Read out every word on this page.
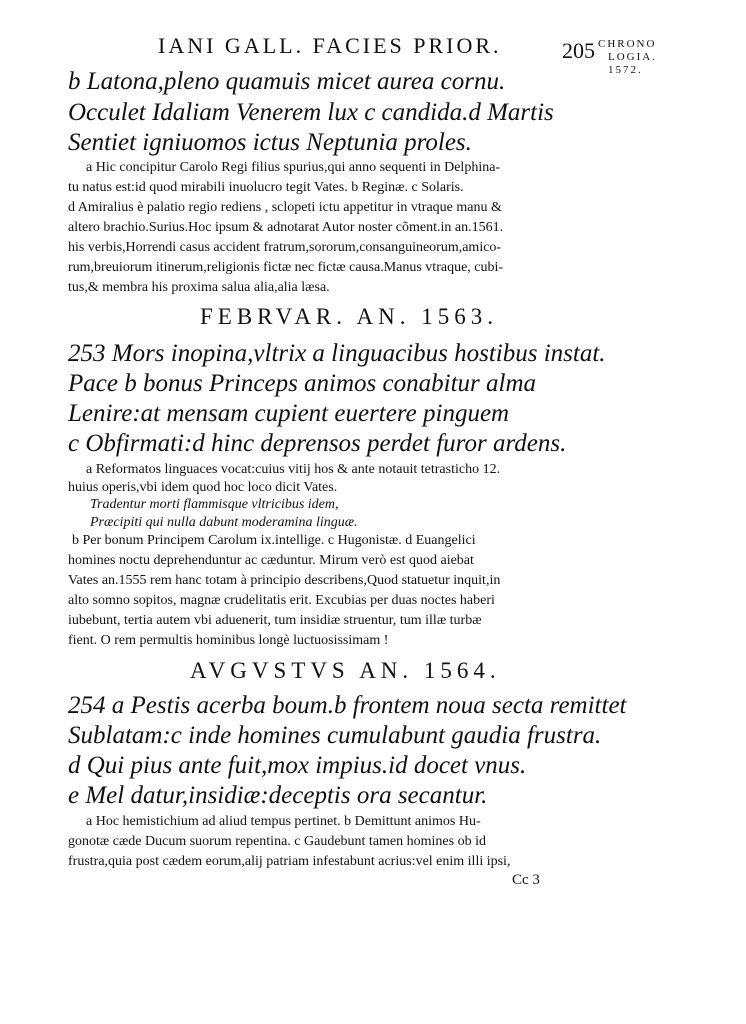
IANI GALL. FACIES PRIOR.	205 CHRONO
LOGIA.
1572.
b Latona,pleno quamuis micet aurea cornu.
Occulet Idaliam Venerem lux c candida.d Martis
Sentiet igniuomos ictus Neptunia proles.
a Hic concipitur Carolo Regi filius spurius,qui anno sequenti in Delphina-
tu natus est:id quod mirabili inuolucro tegit Vates. b Reginæ. c Solaris.
d Amiralius è palatio regio rediens , sclopeti ictu appetitur in vtraque manu &
altero brachio.Surius.Hoc ipsum & adnotarat Autor noster cõment.in an.1561.
his verbis,Horrendi casus accident fratrum,sororum,consanguineorum,amico-
rum,breuiorum itinerum,religionis fictæ nec fictæ causa.Manus vtraque, cubi-
tus,& membra his proxima salua alia,alia læsa.
FEBRVAR. AN. 1563.
253 Mors inopina,vltrix a linguacibus hostibus instat.
Pace b bonus Princeps animos conabitur alma
Lenire:at mensam cupient euertere pinguem
c Obfirmati:d hinc deprensos perdet furor ardens.
a Reformatos linguaces vocat:cuius vitij hos & ante notauit tetrasticho 12.
huius operis,vbi idem quod hoc loco dicit Vates.
Tradentur morti flammisque vltricibus idem,
Præcipiti qui nulla dabunt moderamina linguæ.
b Per bonum Principem Carolum ix.intellige. c Hugonistæ. d Euangelici
homines noctu deprehenduntur ac cæduntur. Mirum verò est quod aiebat
Vates an.1555 rem hanc totam à principio describens,Quod statuetur inquit,in
alto somno sopitos, magnæ crudelitatis erit. Excubias per duas noctes haberi
iubebunt, tertia autem vbi aduenerit, tum insidiæ struentur, tum illæ turbæ
fient. O rem permultis hominibus longè luctuosissimam !
AVGVSTVS AN. 1564.
254 a Pestis acerba boum.b frontem noua secta remittet
Sublatam:c inde homines cumulabunt gaudia frustra.
d Qui pius ante fuit,mox impius.id docet vnus.
e Mel datur,insidiæ:deceptis ora secantur.
a Hoc hemistichium ad aliud tempus pertinet. b Demittunt animos Hu-
gonotæ cæde Ducum suorum repentina. c Gaudebunt tamen homines ob id
frustra,quia post cædem eorum,alij patriam infestabunt acrius:vel enim illi ipsi,
Cc 3
